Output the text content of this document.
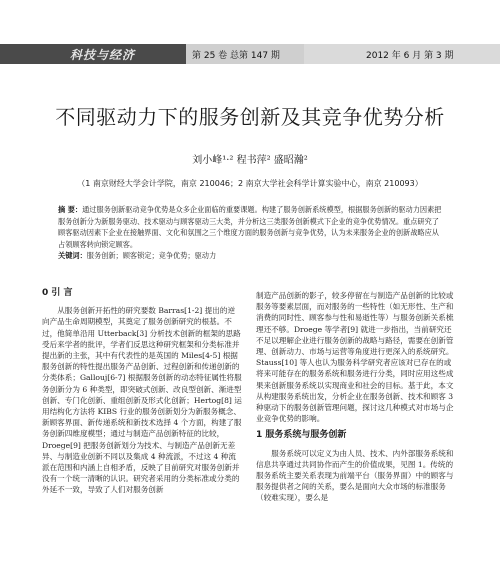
科技与经济	第 25 卷 总第 147 期	2012 年 6 月 第 3 期
不同驱动力下的服务创新及其竞争优势分析
刘小峰¹·² 程书萍² 盛昭瀚²
（1 南京财经大学会计学院，南京 210046；2 南京大学社会科学计算实验中心，南京 210093）
摘 要：通过服务创新驱动竞争优势是众多企业面临的重要课题。构建了服务创新系统模型，根据服务创新的驱动力因素把服务创新分为新服务驱动、技术驱动与顾客驱动三大类，并分析这三类服务创新模式下企业的竞争优势情况。重点研究了顾客驱动因素下企业在接触界面、文化和氛围之三个维度方面的服务创新与竞争优势，认为未来服务企业的创新战略应从占领顾客转向锁定顾客。
关键词：服务创新；顾客锁定；竞争优势；驱动力
0 引 言

从服务创新开拓性的研究要数 Barras[1-2] 提出的逆向产品生命周期模型，其奠定了服务创新研究的根基。不过，他简单沿用 Utterback[3] 分析技术创新的框架的思路受后来学者的批评，学者们反思这种研究框架和分类标准并提出新的主张，其中有代表性的是英国的 Miles[4-5] 根据服务创新的特性提出服务产品创新、过程创新和传递创新的分类体系；Gallouj[6-7] 根据服务创新的动态特征属性将服务创新分为 6 种类型，即突破式创新、改良型创新、渐进型创新、专门化创新、重组创新及形式化创新；Hertog[8] 运用结构化方法将 KIBS 行业的服务创新划分为新服务概念、新顾客界面、新传递系统和新技术选择 4 个方面，构建了服务创新四维度模型；通过与制造产品创新特征的比较，Droege[9] 把服务创新划分为技术、与制造产品创新无差异、与制造业创新不同以及集成 4 种流派，不过这 4 种流派在范围和内涵上自相矛盾，反映了目前研究对服务创新并没有一个统一清晰的认识。研究者采用的分类标准或分类的外延不一致，导致了人们对服务创新

制造产品创新的影子，较多停留在与制造产品创新的比较或服务等要素层面，而对服务的一些特性（如无形性、生产和消费的同时性、顾客参与性和易逝性等）与服务创新关系梳理还不够。Droege 等学者[9] 就进一步指出，当前研究还不足以理解企业进行服务创新的战略与路径，需要在创新管理、创新动力、市场与运营等角度进行更深入的系统研究。Stauss[10] 等人也认为服务科学研究者应该对已存在的或将来可能存在的服务系统和服务进行分类，同时应用这些成果来创新服务系统以实现商业和社会的目标。基于此，本文从构建服务系统出发，分析企业在服务创新、技术和顾客 3 种驱动下的服务创新管理问题，探讨这几种模式对市场与企业竞争优势的影响。

1 服务系统与服务创新

服务系统可以定义为由人员、技术、内外部服务系统和信息共享通过共同协作而产生的价值成果，见图 1。传统的服务系统主要关系表现为前端平台（服务界面）中的顾客与服务提供者之间的关系，要么是面向大众市场的标准服务（较难实现），要么是
